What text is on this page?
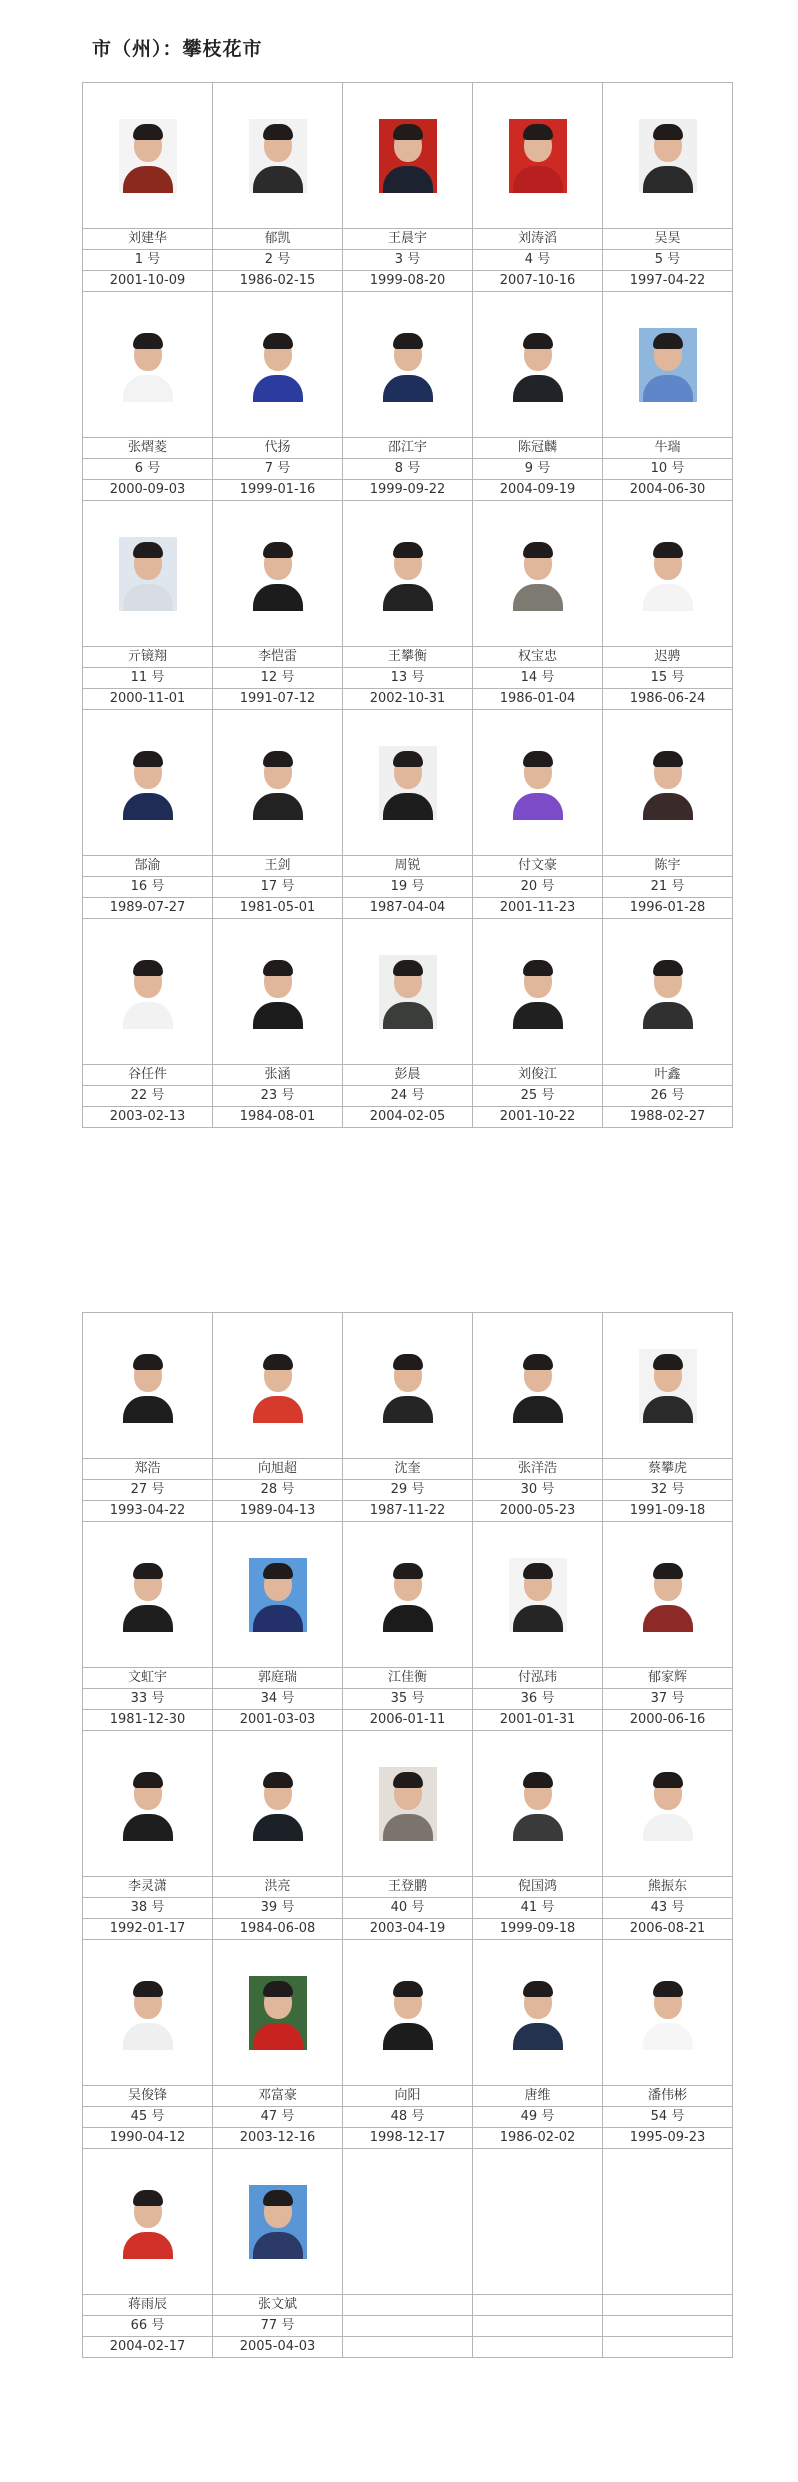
市（州）：攀枝花市

刘建华	郁凯	王晨宇	刘涛滔	吴昊
1 号	2 号	3 号	4 号	5 号
2001-10-09	1986-02-15	1999-08-20	2007-10-16	1997-04-22

张熠菱	代扬	邵江宇	陈冠麟	牛瑞
6 号	7 号	8 号	9 号	10 号
2000-09-03	1999-01-16	1999-09-22	2004-09-19	2004-06-30

亓镜翔	李恺雷	王攀衡	权宝忠	迟骋
11 号	12 号	13 号	14 号	15 号
2000-11-01	1991-07-12	2002-10-31	1986-01-04	1986-06-24

郜渝	王剑	周锐	付文豪	陈宇
16 号	17 号	19 号	20 号	21 号
1989-07-27	1981-05-01	1987-04-04	2001-11-23	1996-01-28

谷任件	张涵	彭晨	刘俊江	叶鑫
22 号	23 号	24 号	25 号	26 号
2003-02-13	1984-08-01	2004-02-05	2001-10-22	1988-02-27

郑浩	向旭超	沈奎	张洋浩	蔡攀虎
27 号	28 号	29 号	30 号	32 号
1993-04-22	1989-04-13	1987-11-22	2000-05-23	1991-09-18

文虹宇	郭庭瑞	江佳衡	付泓玮	郁家辉
33 号	34 号	35 号	36 号	37 号
1981-12-30	2001-03-03	2006-01-11	2001-01-31	2000-06-16

李灵潇	洪亮	王登鹏	倪国鸿	熊振东
38 号	39 号	40 号	41 号	43 号
1992-01-17	1984-06-08	2003-04-19	1999-09-18	2006-08-21

吴俊锋	邓富豪	向阳	唐维	潘伟彬
45 号	47 号	48 号	49 号	54 号
1990-04-12	2003-12-16	1998-12-17	1986-02-02	1995-09-23

蒋雨辰	张文斌			
66 号	77 号			
2004-02-17	2005-04-03			
